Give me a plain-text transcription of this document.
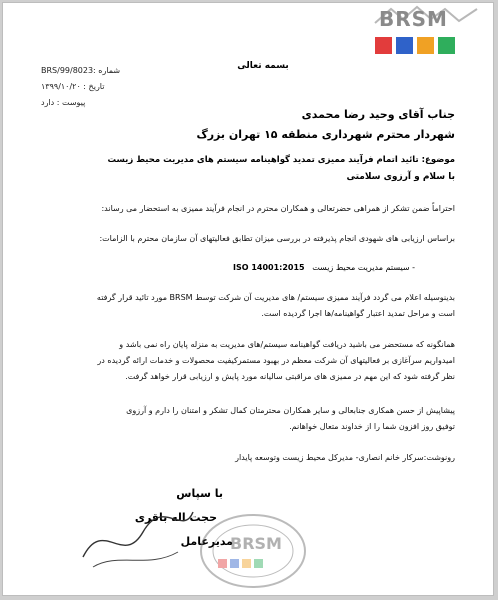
BRSM
بسمه تعالی
BRS/99/8023: شماره
تاریخ : ۱۳۹۹/۱۰/۲۰
پیوست : دارد
جناب آقای وحید رضا محمدی
شهردار محترم شهرداری منطقه ۱۵ تهران بزرگ
موضوع: تائید اتمام فرآیند ممیزی تمدید گواهینامه سیستم های مدیریت محیط زیست
با سلام و آرزوی سلامتی
احتراماً ضمن تشکر از همراهی حضرتعالی و همکاران محترم در انجام فرآیند ممیزی به استحضار می رساند:
براساس ارزیابی های شهودی انجام پذیرفته در بررسی میزان تطابق فعالیتهای آن سازمان محترم با الزامات:
- سیستم مدیریت محیط زیست
ISO 14001:2015
بدینوسیله اعلام می گردد فرآیند ممیزی سیستم/ های مدیریت آن شرکت توسط BRSM مورد تائید قرار گرفته
است و مراحل تمدید اعتبار گواهینامه/ها اجرا گردیده است.
همانگونه که مستحضر می باشید دریافت گواهینامه سیستم/های مدیریت به منزله پایان راه نمی باشد و
امیدواریم سرآغازی بر فعالیتهای آن شرکت معظم در بهبود مستمرکیفیت محصولات و خدمات ارائه گردیده در
نظر گرفته شود که این مهم در ممیزی های مراقبتی سالیانه مورد پایش و ارزیابی قرار خواهد گرفت.
پیشاپیش از حسن همکاری جنابعالی و سایر همکاران محترمتان کمال تشکر و امتنان را دارم و آرزوی
توفیق روز افزون شما را از خداوند متعال خواهانم.
رونوشت:سرکار خانم انصاری- مدیرکل محیط زیست وتوسعه پایدار
با سپاس
حجت اله باقری
مدیرعامل
BRSM
